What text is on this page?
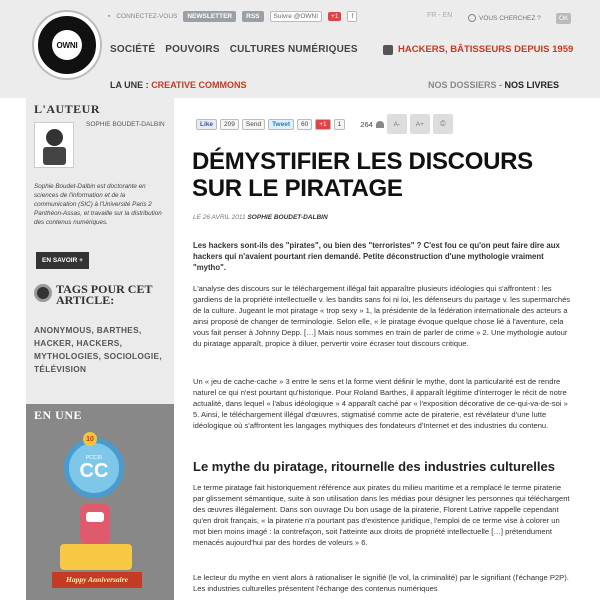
OWNI
▪ CONNECTEZ-VOUS	NEWSLETTER	RSS	Suivre @OWNI	+1	f	FR - EN
VOUS CHERCHEZ ?	OK
SOCIÉTÉ POUVOIRS CULTURES NUMÉRIQUES	HACKERS, BÂTISSEURS DEPUIS 1959
LA UNE : CREATIVE COMMONS	NOS DOSSIERS - NOS LIVRES
L'AUTEUR
SOPHIE BOUDET-DALBIN
Sophie Boudet-Dalbin est doctorante en sciences de l'information et de la communication (SIC) à l'Université Paris 2 Panthéon-Assas, et travaille sur la distribution des contenus numériques.
EN SAVOIR +
TAGS POUR CET ARTICLE:
ANONYMOUS, BARTHES, HACKER, HACKERS, MYTHOLOGIES, SOCIOLOGIE, TÉLÉVISION
EN UNE
PCC30
CC
10
Happy Anniversaire
Like	209	Send	Tweet	60	+1	1	264	A-	A+	⎙
DÉMYSTIFIER LES DISCOURS SUR LE PIRATAGE
LE 26 AVRIL 2011 SOPHIE BOUDET-DALBIN

Les hackers sont-ils des "pirates", ou bien des "terroristes" ? C'est fou ce qu'on peut faire dire aux hackers qui n'avaient pourtant rien demandé. Petite déconstruction d'une mythologie vraiment "mytho".

L'analyse des discours sur le téléchargement illégal fait apparaître plusieurs idéologies qui s'affrontent : les gardiens de la propriété intellectuelle v. les bandits sans foi ni loi, les défenseurs du partage v. les supermarchés de la culture. Jugeant le mot piratage « trop sexy » 1, la présidente de la fédération internationale des acteurs a ainsi proposé de changer de terminologie. Selon elle, « le piratage évoque quelque chose lié à l'aventure, cela vous fait penser à Johnny Depp. […] Mais nous sommes en train de parler de crime » 2. Une mythologie autour du piratage apparaît, propice à diluer, pervertir voire écraser tout discours critique.

Un « jeu de cache-cache » 3 entre le sens et la forme vient définir le mythe, dont la particularité est de rendre naturel ce qui n'est pourtant qu'historique. Pour Roland Barthes, il apparaît légitime d'interroger le récit de notre actualité, dans lequel « l'abus idéologique » 4 apparaît caché par « l'exposition décorative de ce-qui-va-de-soi » 5. Ainsi, le téléchargement illégal d'œuvres, stigmatisé comme acte de piraterie, est révélateur d'une lutte idéologique où s'affrontent les langages mythiques des fondateurs d'Internet et des industries du contenu.

Le mythe du piratage, ritournelle des industries culturelles

Le terme piratage fait historiquement référence aux pirates du milieu maritime et a remplacé le terme piraterie par glissement sémantique, suite à son utilisation dans les médias pour désigner les personnes qui téléchargent des œuvres illégalement. Dans son ouvrage Du bon usage de la piraterie, Florent Latrive rappelle cependant qu'en droit français, « la piraterie n'a pourtant pas d'existence juridique, l'emploi de ce terme vise à colorer un mot bien moins imagé : la contrefaçon, soit l'atteinte aux droits de propriété intellectuelle […] prétendument menacés aujourd'hui par des hordes de voleurs » 6.

Le lecteur du mythe en vient alors à rationaliser le signifié (le vol, la criminalité) par le signifiant (l'échange P2P). Les industries culturelles présentent l'échange des contenus numériques
